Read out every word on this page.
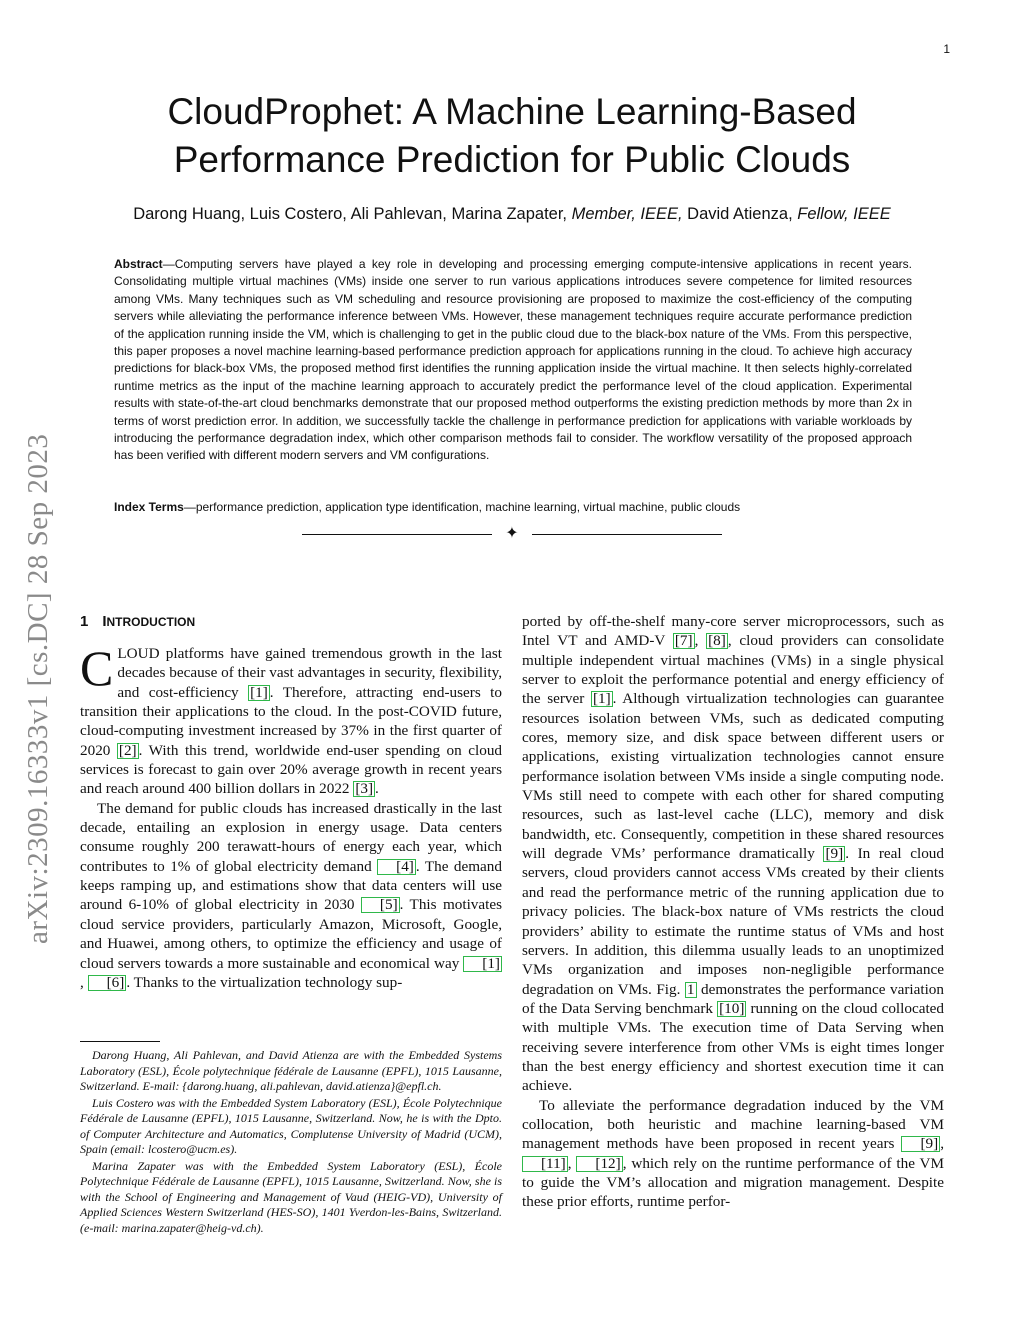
1
arXiv:2309.16333v1 [cs.DC] 28 Sep 2023
CloudProphet: A Machine Learning-Based Performance Prediction for Public Clouds
Darong Huang, Luis Costero, Ali Pahlevan, Marina Zapater, Member, IEEE, David Atienza, Fellow, IEEE
Abstract—Computing servers have played a key role in developing and processing emerging compute-intensive applications in recent years. Consolidating multiple virtual machines (VMs) inside one server to run various applications introduces severe competence for limited resources among VMs. Many techniques such as VM scheduling and resource provisioning are proposed to maximize the cost-efficiency of the computing servers while alleviating the performance inference between VMs. However, these management techniques require accurate performance prediction of the application running inside the VM, which is challenging to get in the public cloud due to the black-box nature of the VMs. From this perspective, this paper proposes a novel machine learning-based performance prediction approach for applications running in the cloud. To achieve high accuracy predictions for black-box VMs, the proposed method first identifies the running application inside the virtual machine. It then selects highly-correlated runtime metrics as the input of the machine learning approach to accurately predict the performance level of the cloud application. Experimental results with state-of-the-art cloud benchmarks demonstrate that our proposed method outperforms the existing prediction methods by more than 2x in terms of worst prediction error. In addition, we successfully tackle the challenge in performance prediction for applications with variable workloads by introducing the performance degradation index, which other comparison methods fail to consider. The workflow versatility of the proposed approach has been verified with different modern servers and VM configurations.
Index Terms—performance prediction, application type identification, machine learning, virtual machine, public clouds
✦
1 INTRODUCTION

CLOUD platforms have gained tremendous growth in the last decades because of their vast advantages in security, flexibility, and cost-efficiency [1] . Therefore, attracting end-users to transition their applications to the cloud. In the post-COVID future, cloud-computing investment increased by 37% in the first quarter of 2020 [2] . With this trend, worldwide end-user spending on cloud services is forecast to gain over 20% average growth in recent years and reach around 400 billion dollars in 2022 [3] .

The demand for public clouds has increased drastically in the last decade, entailing an explosion in energy usage. Data centers consume roughly 200 terawatt-hours of energy each year, which contributes to 1% of global electricity demand [4] . The demand keeps ramping up, and estimations show that data centers will use around 6-10% of global electricity in 2030 [5] . This motivates cloud service providers, particularly Amazon, Microsoft, Google, and Huawei, among others, to optimize the efficiency and usage of cloud servers towards a more sustainable and economical way [1], [6] . Thanks to the virtualization technology sup-

Darong Huang, Ali Pahlevan, and David Atienza are with the Embedded Systems Laboratory (ESL), École polytechnique fédérale de Lausanne (EPFL), 1015 Lausanne, Switzerland. E-mail: {darong.huang, ali.pahlevan, david.atienza}@epfl.ch.

Luis Costero was with the Embedded System Laboratory (ESL), École Polytechnique Fédérale de Lausanne (EPFL), 1015 Lausanne, Switzerland. Now, he is with the Dpto. of Computer Architecture and Automatics, Complutense University of Madrid (UCM), Spain (email: lcostero@ucm.es).

Marina Zapater was with the Embedded System Laboratory (ESL), École Polytechnique Fédérale de Lausanne (EPFL), 1015 Lausanne, Switzerland. Now, she is with the School of Engineering and Management of Vaud (HEIG-VD), University of Applied Sciences Western Switzerland (HES-SO), 1401 Yverdon-les-Bains, Switzerland. (e-mail: marina.zapater@heig-vd.ch).

ported by off-the-shelf many-core server microprocessors, such as Intel VT and AMD-V [7] , [8] , cloud providers can consolidate multiple independent virtual machines (VMs) in a single physical server to exploit the performance potential and energy efficiency of the server [1] . Although virtualization technologies can guarantee resources isolation between VMs, such as dedicated computing cores, memory size, and disk space between different users or applications, existing virtualization technologies cannot ensure performance isolation between VMs inside a single computing node. VMs still need to compete with each other for shared computing resources, such as last-level cache (LLC), memory and disk bandwidth, etc. Consequently, competition in these shared resources will degrade VMs’ performance dramatically [9] . In real cloud servers, cloud providers cannot access VMs created by their clients and read the performance metric of the running application due to privacy policies. The black-box nature of VMs restricts the cloud providers’ ability to estimate the runtime status of VMs and host servers. In addition, this dilemma usually leads to an unoptimized VMs organization and imposes non-negligible performance degradation on VMs. Fig. 1 demonstrates the performance variation of the Data Serving benchmark [10] running on the cloud collocated with multiple VMs. The execution time of Data Serving when receiving severe interference from other VMs is eight times longer than the best energy efficiency and shortest execution time it can achieve.

To alleviate the performance degradation induced by the VM collocation, both heuristic and machine learning-based VM management methods have been proposed in recent years [9] , [11] , [12] , which rely on the runtime performance of the VM to guide the VM’s allocation and migration management. Despite these prior efforts, runtime perfor-
